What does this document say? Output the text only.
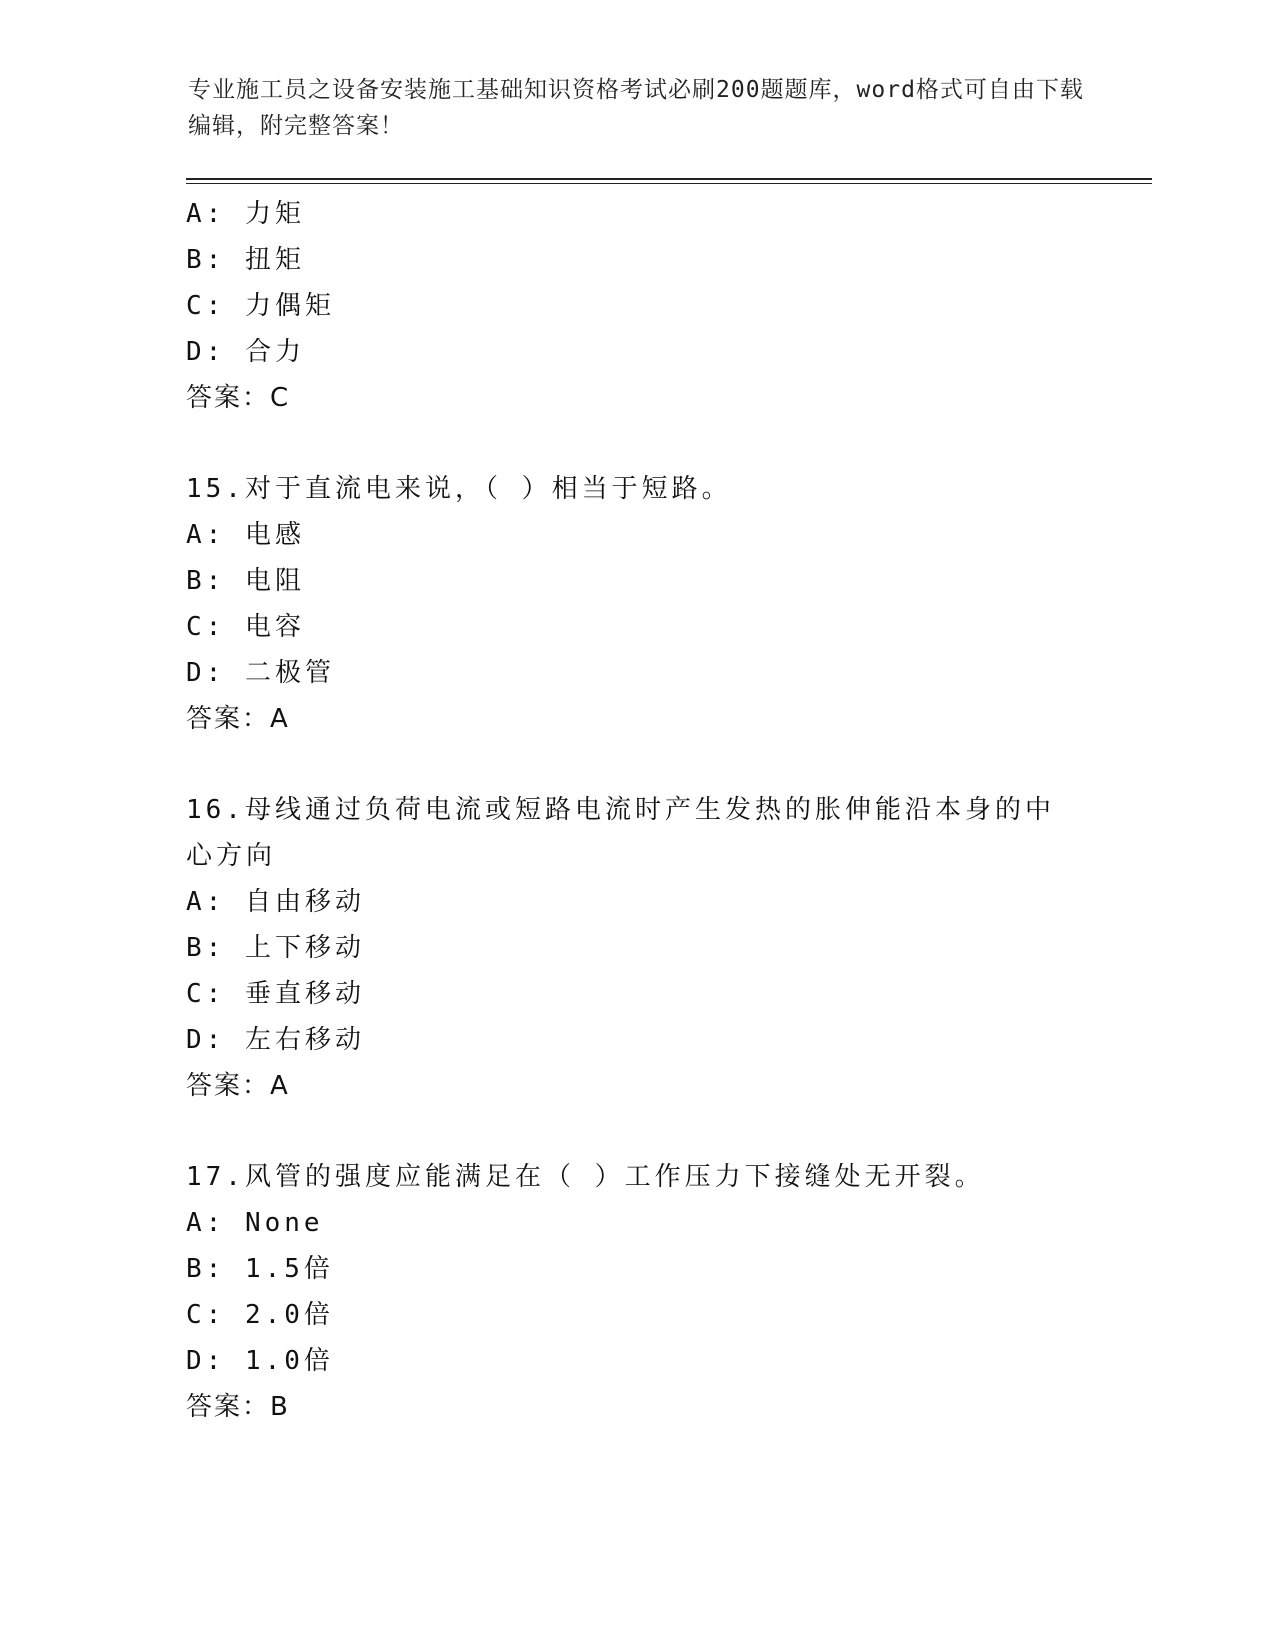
专业施工员之设备安装施工基础知识资格考试必刷200题题库，word格式可自由下载编辑，附完整答案！
A: 力矩
B: 扭矩
C: 力偶矩
D: 合力
答案：C
15.对于直流电来说，（ ）相当于短路。
A: 电感
B: 电阻
C: 电容
D: 二极管
答案：A
16.母线通过负荷电流或短路电流时产生发热的胀伸能沿本身的中心方向
A: 自由移动
B: 上下移动
C: 垂直移动
D: 左右移动
答案：A
17.风管的强度应能满足在（ ）工作压力下接缝处无开裂。
A: None
B: 1.5倍
C: 2.0倍
D: 1.0倍
答案：B
